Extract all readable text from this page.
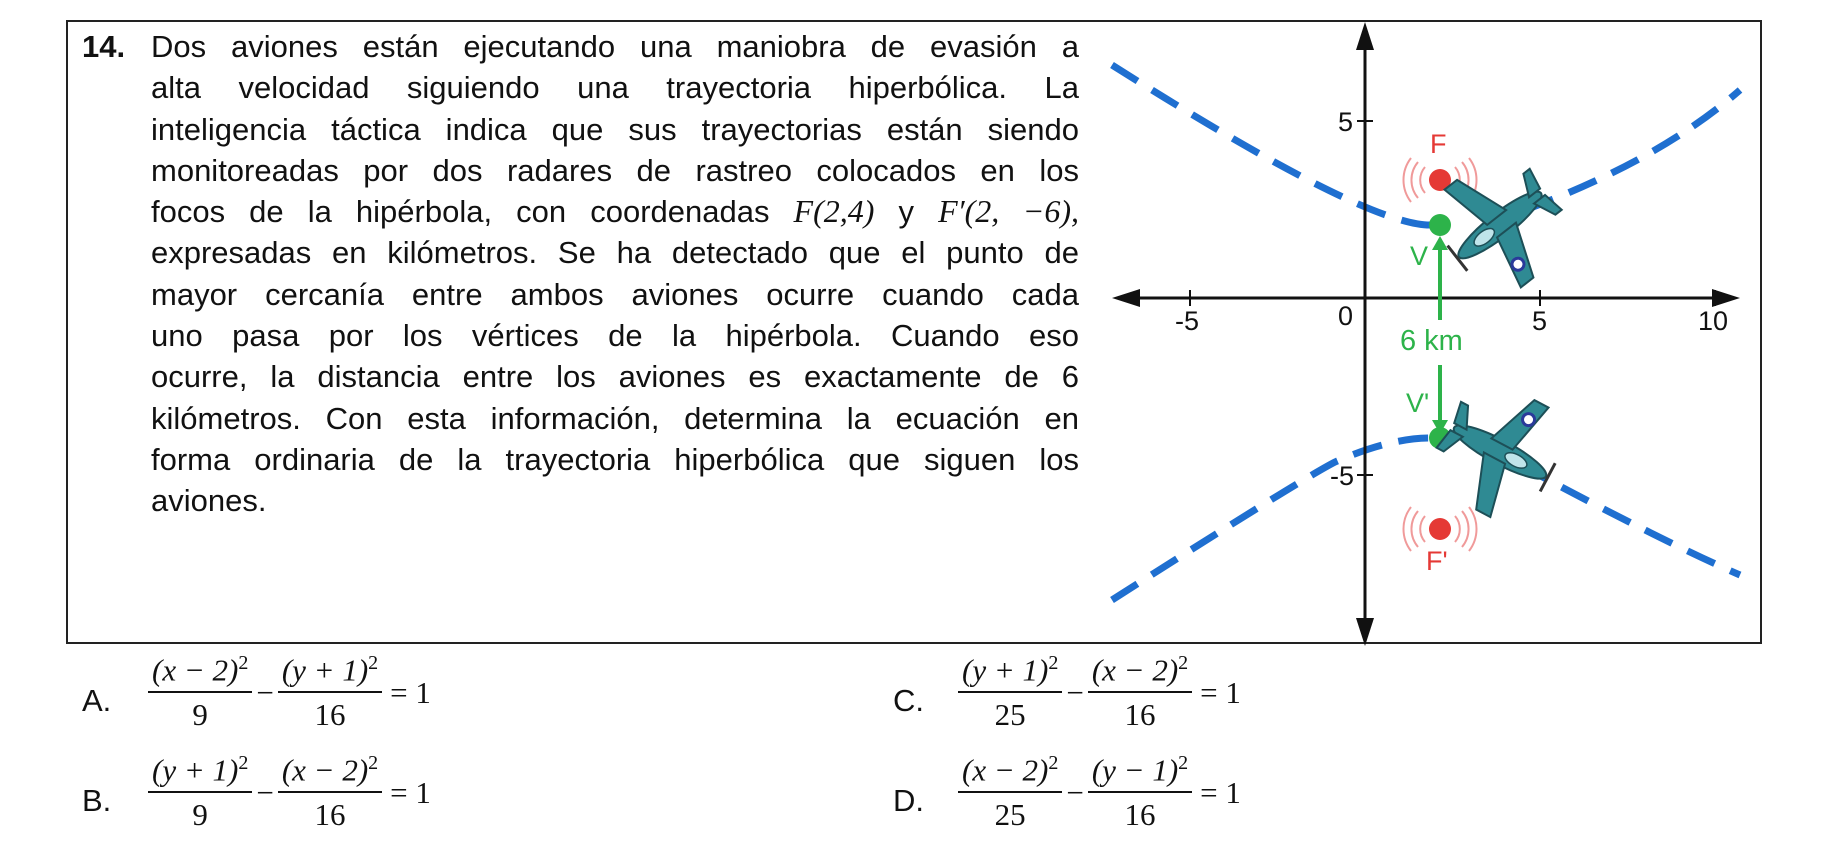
14. Dos aviones están ejecutando una maniobra de evasión a
alta velocidad siguiendo una trayectoria hiperbólica. La
inteligencia táctica indica que sus trayectorias están siendo
monitoreadas por dos radares de rastreo colocados en los
focos de la hipérbola, con coordenadas F(2,4) y F′(2, −6),
expresadas en kilómetros. Se ha detectado que el punto de
mayor cercanía entre ambos aviones ocurre cuando cada
uno pasa por los vértices de la hipérbola. Cuando eso
ocurre, la distancia entre los aviones es exactamente de 6
kilómetros. Con esta información, determina la ecuación en
forma ordinaria de la trayectoria hiperbólica que siguen los
aviones.

-5	0	5	10
5
-5
6 km
V
V'
F
F'
A. $\frac{(x - 2)^2}{9} - \frac{(y + 1)^2}{16} = 1$
B. $\frac{(y + 1)^2}{9} - \frac{(x - 2)^2}{16} = 1$
C. $\frac{(y + 1)^2}{25} - \frac{(x - 2)^2}{16} = 1$
D. $\frac{(x - 2)^2}{25} - \frac{(y - 1)^2}{16} = 1$
